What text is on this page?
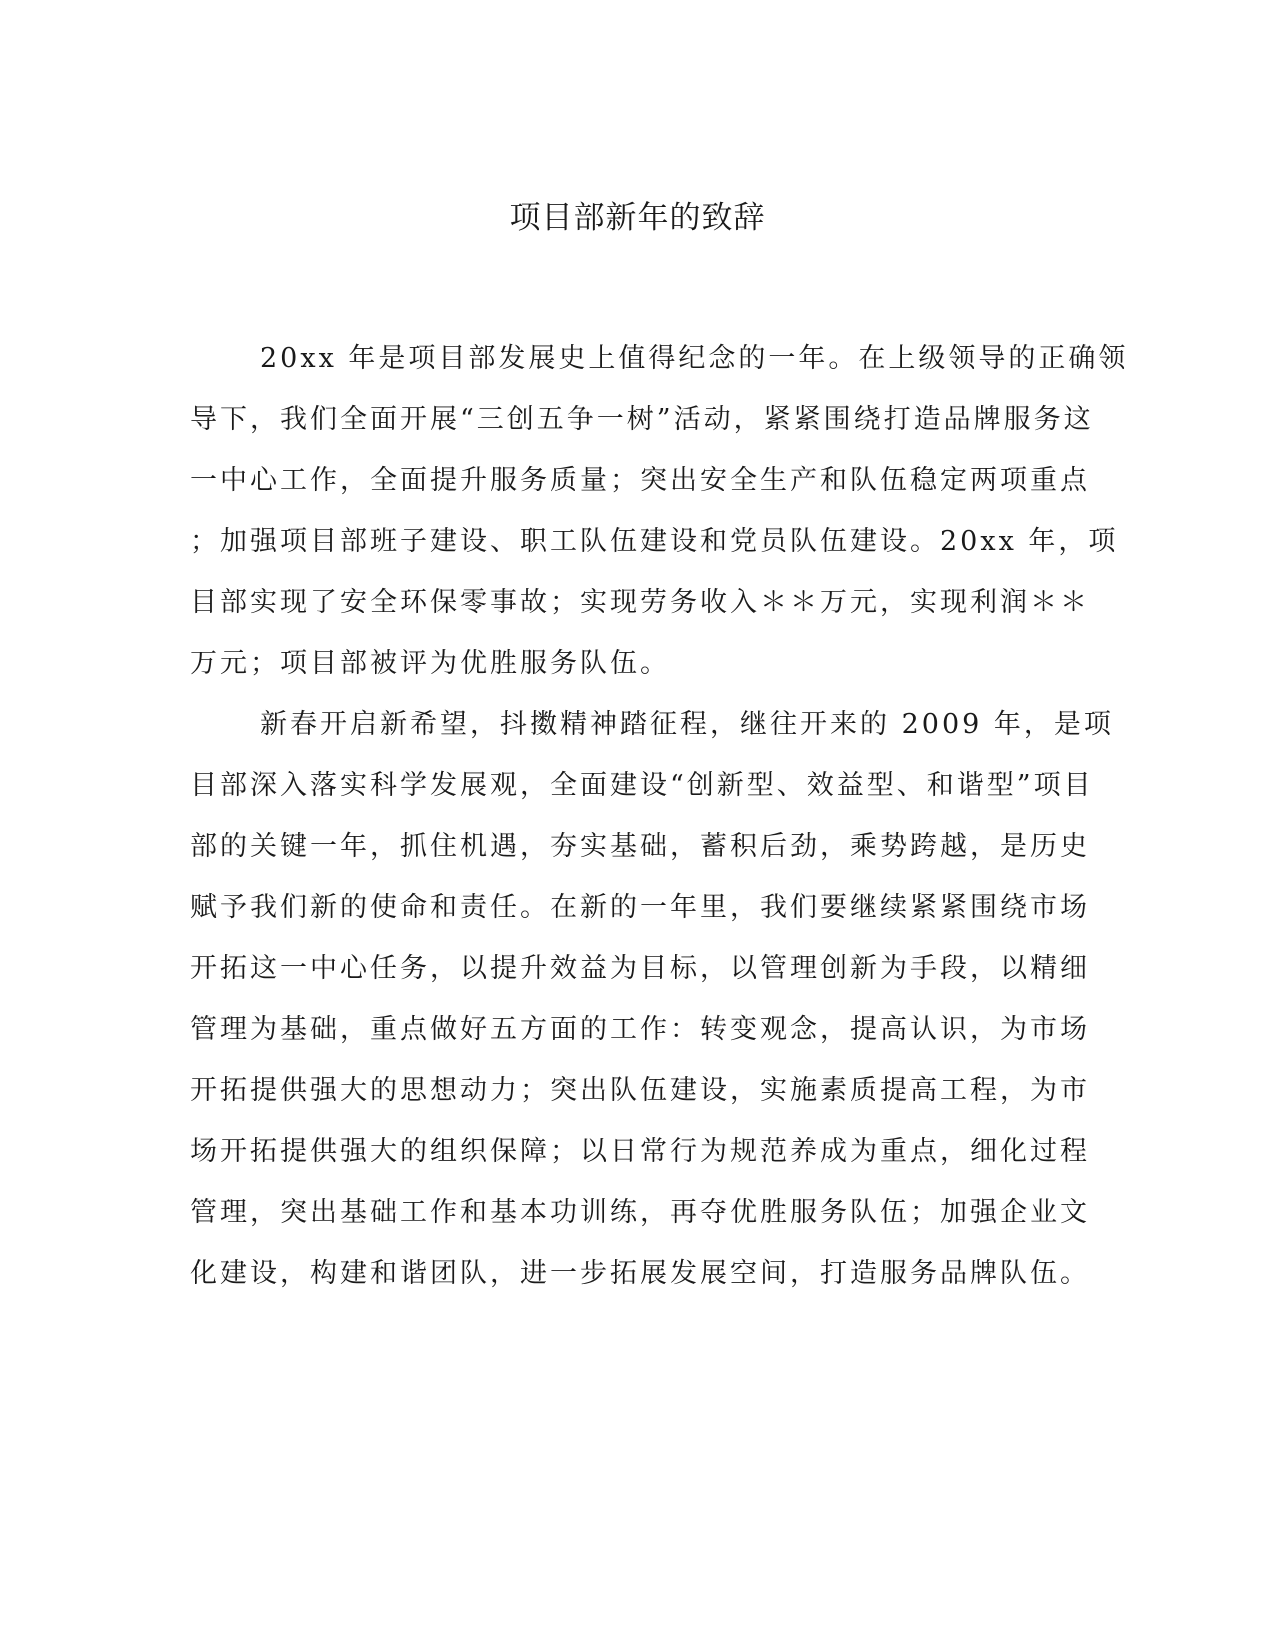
项目部新年的致辞
20xx 年是项目部发展史上值得纪念的一年。在上级领导的正确领
导下，我们全面开展“三创五争一树”活动，紧紧围绕打造品牌服务这
一中心工作，全面提升服务质量；突出安全生产和队伍稳定两项重点
；加强项目部班子建设、职工队伍建设和党员队伍建设。20xx 年，项
目部实现了安全环保零事故；实现劳务收入＊＊万元，实现利润＊＊
万元；项目部被评为优胜服务队伍。
新春开启新希望，抖擞精神踏征程，继往开来的 2009 年，是项
目部深入落实科学发展观，全面建设“创新型、效益型、和谐型”项目
部的关键一年，抓住机遇，夯实基础，蓄积后劲，乘势跨越，是历史
赋予我们新的使命和责任。在新的一年里，我们要继续紧紧围绕市场
开拓这一中心任务，以提升效益为目标，以管理创新为手段，以精细
管理为基础，重点做好五方面的工作：转变观念，提高认识，为市场
开拓提供强大的思想动力；突出队伍建设，实施素质提高工程，为市
场开拓提供强大的组织保障；以日常行为规范养成为重点，细化过程
管理，突出基础工作和基本功训练，再夺优胜服务队伍；加强企业文
化建设，构建和谐团队，进一步拓展发展空间，打造服务品牌队伍。
